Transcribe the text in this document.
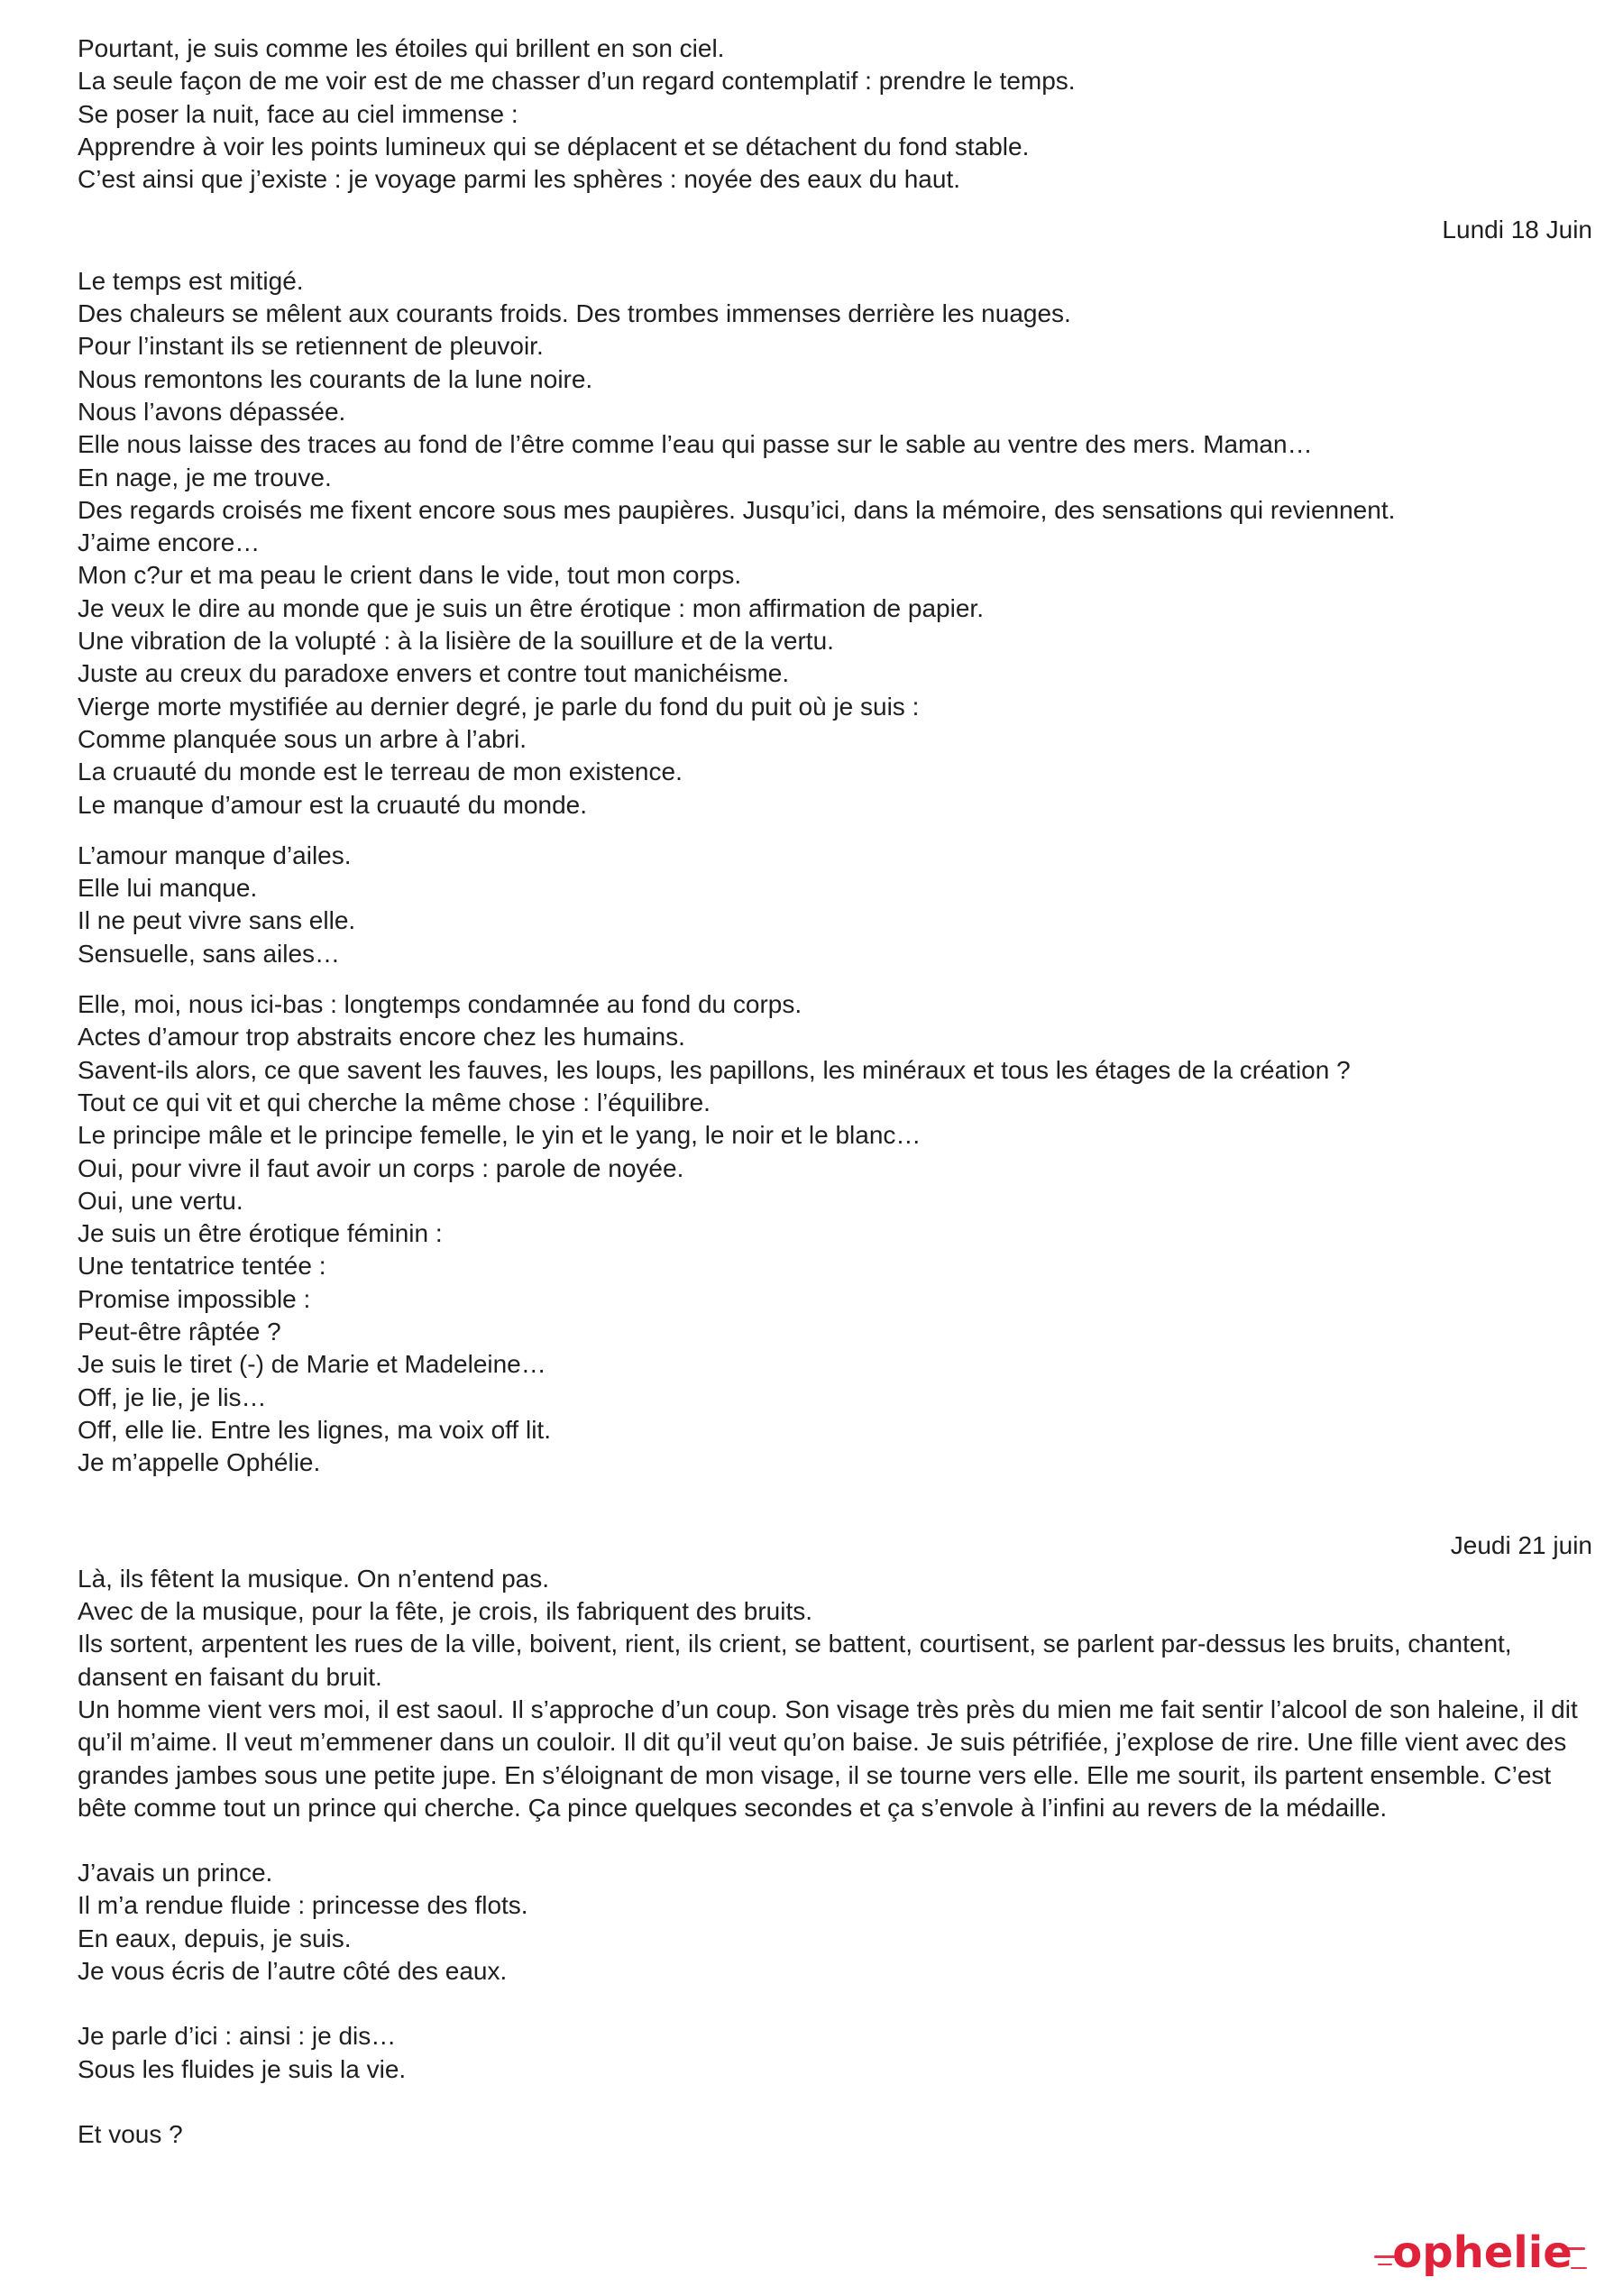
Pourtant, je suis comme les étoiles qui brillent en son ciel.

La seule façon de me voir est de me chasser d’un regard contemplatif : prendre le temps.

Se poser la nuit, face au ciel immense :

Apprendre à voir les points lumineux qui se déplacent et se détachent du fond stable.

C’est ainsi que j’existe : je voyage parmi les sphères : noyée des eaux du haut.

Lundi 18 Juin

Le temps est mitigé.

Des chaleurs se mêlent aux courants froids. Des trombes immenses derrière les nuages.

Pour l’instant ils se retiennent de pleuvoir.

Nous remontons les courants de la lune noire.

Nous l’avons dépassée.

Elle nous laisse des traces au fond de l’être comme l’eau qui passe sur le sable au ventre des mers. Maman…

En nage, je me trouve.

Des regards croisés me fixent encore sous mes paupières. Jusqu’ici, dans la mémoire, des sensations qui reviennent.

J’aime encore…

Mon c?ur et ma peau le crient dans le vide, tout mon corps.

Je veux le dire au monde que je suis un être érotique : mon affirmation de papier.

Une vibration de la volupté : à la lisière de la souillure et de la vertu.

Juste au creux du paradoxe envers et contre tout manichéisme.

Vierge morte mystifiée au dernier degré, je parle du fond du puit où je suis :

Comme planquée sous un arbre à l’abri.

La cruauté du monde est le terreau de mon existence.

Le manque d’amour est la cruauté du monde.

L’amour manque d’ailes.

Elle lui manque.

Il ne peut vivre sans elle.

Sensuelle, sans ailes…

Elle, moi, nous ici-bas : longtemps condamnée au fond du corps.

Actes d’amour trop abstraits encore chez les humains.

Savent-ils alors, ce que savent les fauves, les loups, les papillons, les minéraux et tous les étages de la création ?

Tout ce qui vit et qui cherche la même chose : l’équilibre.

Le principe mâle et le principe femelle, le yin et le yang, le noir et le blanc…

Oui, pour vivre il faut avoir un corps : parole de noyée.

Oui, une vertu.

Je suis un être érotique féminin :

Une tentatrice tentée :

Promise impossible :

Peut-être râptée ?

Je suis le tiret (-) de Marie et Madeleine…

Off, je lie, je lis…

Off, elle lie. Entre les lignes, ma voix off lit.

Je m’appelle Ophélie.

Jeudi 21 juin

Là, ils fêtent la musique. On n’entend pas.

Avec de la musique, pour la fête, je crois, ils fabriquent des bruits.

Ils sortent, arpentent les rues de la ville, boivent, rient, ils crient, se battent, courtisent, se parlent par-dessus les bruits, chantent, dansent en faisant du bruit.

Un homme vient vers moi, il est saoul. Il s’approche d’un coup. Son visage très près du mien me fait sentir l’alcool de son haleine, il dit qu’il m’aime. Il veut m’emmener dans un couloir. Il dit qu’il veut qu’on baise. Je suis pétrifiée, j’explose de rire. Une fille vient avec des grandes jambes sous une petite jupe. En s’éloignant de mon visage, il se tourne vers elle. Elle me sourit, ils partent ensemble. C’est bête comme tout un prince qui cherche. Ça pince quelques secondes et ça s’envole à l’infini au revers de la médaille.

J’avais un prince.

Il m’a rendue fluide : princesse des flots.

En eaux, depuis, je suis.

Je vous écris de l’autre côté des eaux.

Je parle d’ici : ainsi : je dis…

Sous les fluides je suis la vie.

Et vous ?

ophelie
